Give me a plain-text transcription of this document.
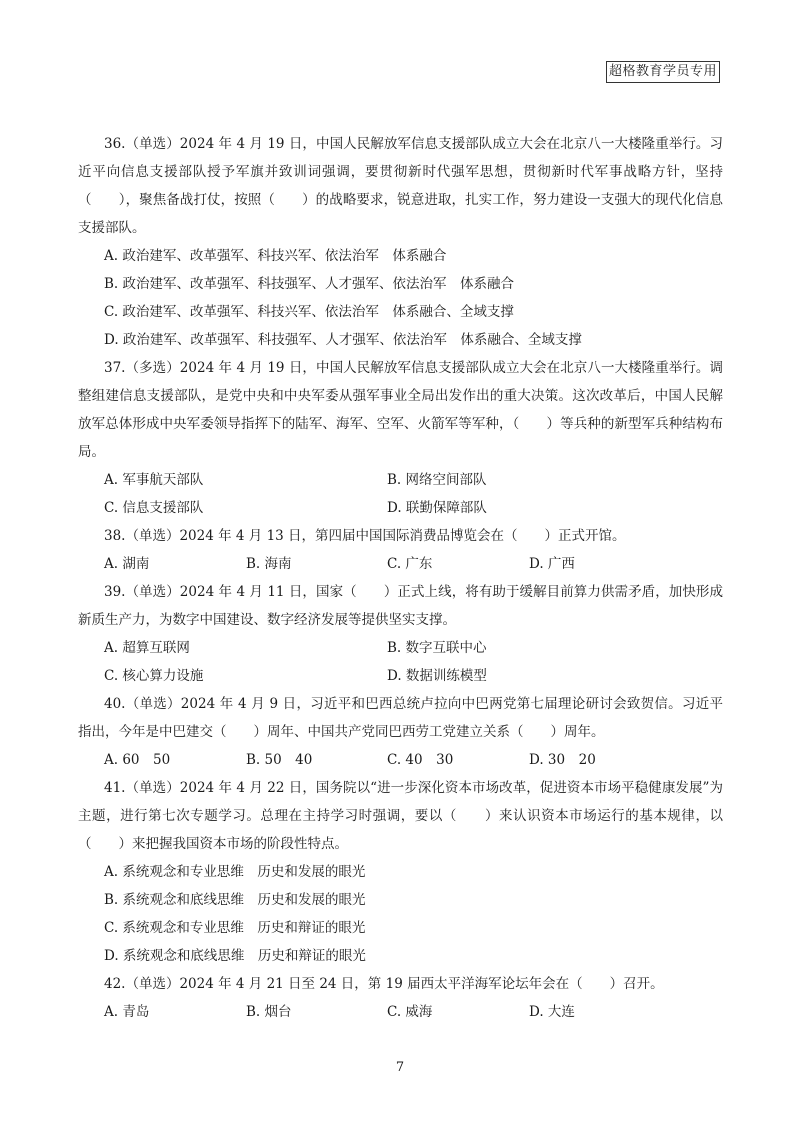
超格教育学员专用

36.（单选）2024 年 4 月 19 日，中国人民解放军信息支援部队成立大会在北京八一大楼隆重举行。习近平向信息支援部队授予军旗并致训词强调，要贯彻新时代强军思想，贯彻新时代军事战略方针，坚持（　　），聚焦备战打仗，按照（　　）的战略要求，锐意进取，扎实工作，努力建设一支强大的现代化信息支援部队。

A. 政治建军、改革强军、科技兴军、依法治军　体系融合
B. 政治建军、改革强军、科技强军、人才强军、依法治军　体系融合
C. 政治建军、改革强军、科技兴军、依法治军　体系融合、全域支撑
D. 政治建军、改革强军、科技强军、人才强军、依法治军　体系融合、全域支撑

37.（多选）2024 年 4 月 19 日，中国人民解放军信息支援部队成立大会在北京八一大楼隆重举行。调整组建信息支援部队，是党中央和中央军委从强军事业全局出发作出的重大决策。这次改革后，中国人民解放军总体形成中央军委领导指挥下的陆军、海军、空军、火箭军等军种，（　　）等兵种的新型军兵种结构布局。

A. 军事航天部队	B. 网络空间部队
C. 信息支援部队	D. 联勤保障部队

38.（单选）2024 年 4 月 13 日，第四届中国国际消费品博览会在（　　）正式开馆。

A. 湖南	B. 海南	C. 广东	D. 广西

39.（单选）2024 年 4 月 11 日，国家（　　）正式上线，将有助于缓解目前算力供需矛盾，加快形成新质生产力，为数字中国建设、数字经济发展等提供坚实支撑。

A. 超算互联网	B. 数字互联中心
C. 核心算力设施	D. 数据训练模型

40.（单选）2024 年 4 月 9 日，习近平和巴西总统卢拉向中巴两党第七届理论研讨会致贺信。习近平指出，今年是中巴建交（　　）周年、中国共产党同巴西劳工党建立关系（　　）周年。

A. 60　50	B. 50　40	C. 40　30	D. 30　20

41.（单选）2024 年 4 月 22 日，国务院以“进一步深化资本市场改革，促进资本市场平稳健康发展”为主题，进行第七次专题学习。总理在主持学习时强调，要以（　　）来认识资本市场运行的基本规律，以（　　）来把握我国资本市场的阶段性特点。

A. 系统观念和专业思维　历史和发展的眼光
B. 系统观念和底线思维　历史和发展的眼光
C. 系统观念和专业思维　历史和辩证的眼光
D. 系统观念和底线思维　历史和辩证的眼光

42.（单选）2024 年 4 月 21 日至 24 日，第 19 届西太平洋海军论坛年会在（　　）召开。

A. 青岛	B. 烟台	C. 威海	D. 大连
7
